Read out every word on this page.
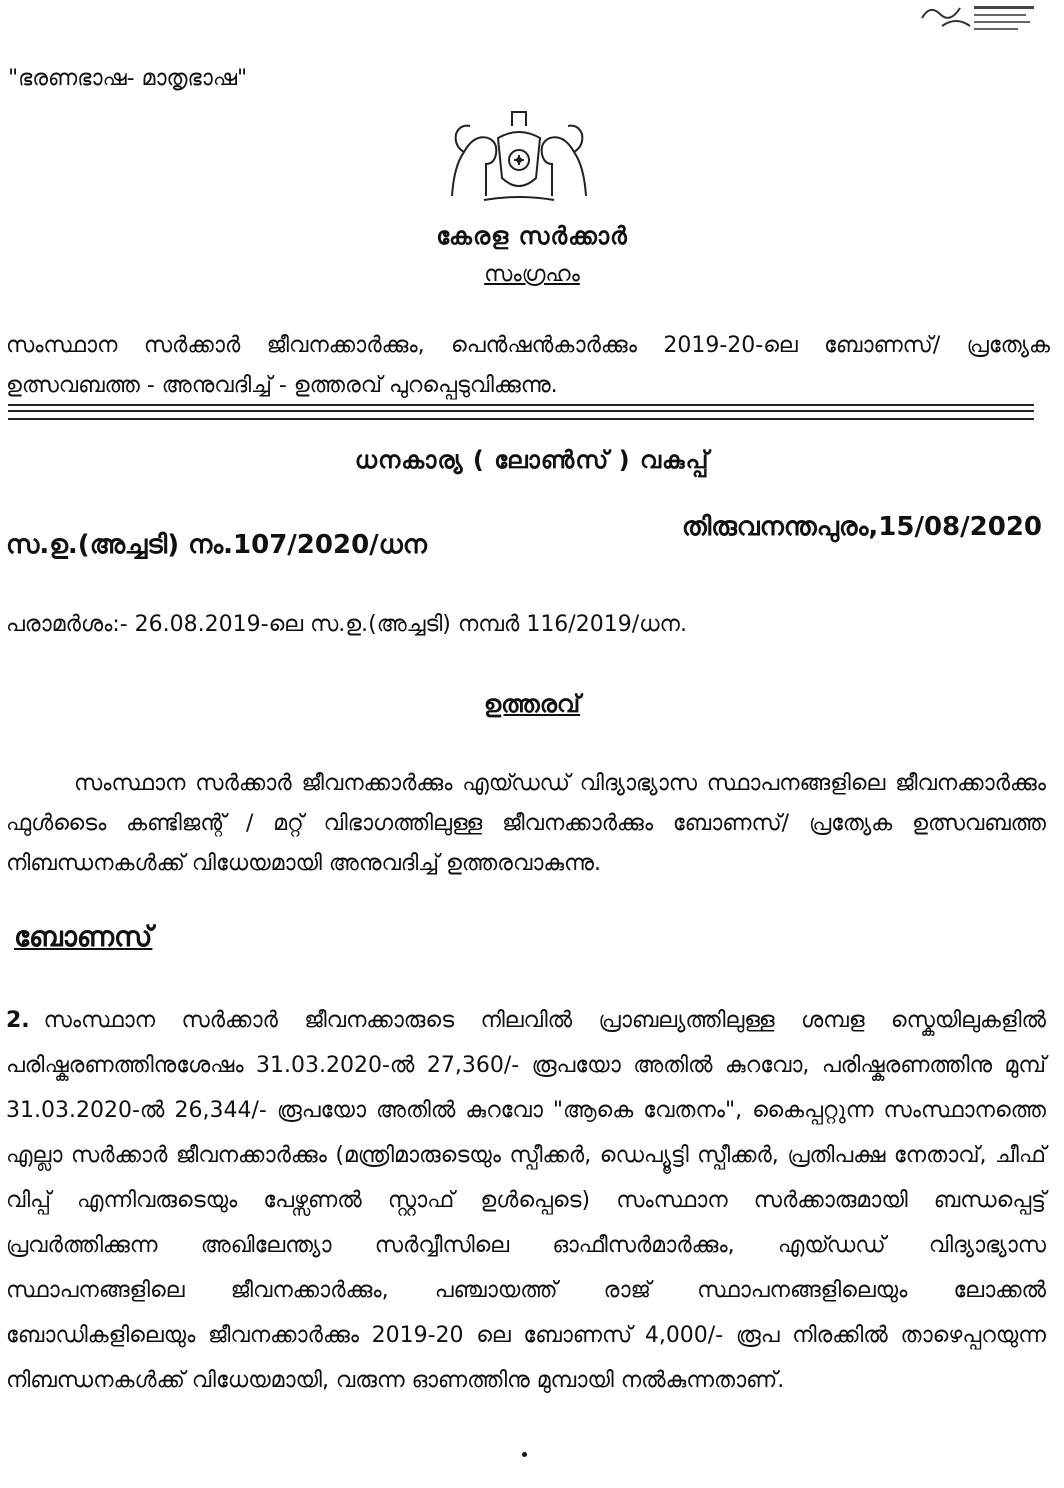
"ഭരണഭാഷ- മാതൃഭാഷ"
കേരള സർക്കാർ
സംഗ്രഹം
സംസ്ഥാന സർക്കാർ ജീവനക്കാർക്കും, പെൻഷൻകാർക്കും 2019-20-ലെ ബോണസ്/ പ്രത്യേക ഉത്സവബത്ത - അനുവദിച്ച് - ഉത്തരവ് പുറപ്പെടുവിക്കുന്നു.
ധനകാര്യ ( ലോൺസ് ) വകുപ്പ്
സ.ഉ.(അച്ചടി) നം.107/2020/ധന
തിരുവനന്തപുരം,15/08/2020
പരാമർശം:- 26.08.2019-ലെ സ.ഉ.(അച്ചടി) നമ്പർ 116/2019/ധന.
ഉത്തരവ്
സംസ്ഥാന സർക്കാർ ജീവനക്കാർക്കും എയ്ഡഡ് വിദ്യാഭ്യാസ സ്ഥാപനങ്ങളിലെ ജീവനക്കാർക്കും ഫുൾടൈം കണ്ടിജന്റ് / മറ്റ് വിഭാഗത്തിലുള്ള ജീവനക്കാർക്കും ബോണസ്/ പ്രത്യേക ഉത്സവബത്ത നിബന്ധനകൾക്ക് വിധേയമായി അനുവദിച്ച് ഉത്തരവാകുന്നു.
ബോണസ്
2. സംസ്ഥാന സർക്കാർ ജീവനക്കാരുടെ നിലവിൽ പ്രാബല്യത്തിലുള്ള ശമ്പള സ്കെയിലുകളിൽ പരിഷ്കരണത്തിനുശേഷം 31.03.2020-ൽ 27,360/- രൂപയോ അതിൽ കുറവോ, പരിഷ്കരണത്തിനു മുമ്പ് 31.03.2020-ൽ 26,344/- രൂപയോ അതിൽ കുറവോ "ആകെ വേതനം", കൈപ്പറ്റുന്ന സംസ്ഥാനത്തെ എല്ലാ സർക്കാർ ജീവനക്കാർക്കും (മന്ത്രിമാരുടെയും സ്പീക്കർ, ഡെപ്യൂട്ടി സ്പീക്കർ, പ്രതിപക്ഷ നേതാവ്, ചീഫ് വിപ്പ് എന്നിവരുടെയും പേഴ്സണൽ സ്റ്റാഫ് ഉൾപ്പെടെ) സംസ്ഥാന സർക്കാരുമായി ബന്ധപ്പെട്ട് പ്രവർത്തിക്കുന്ന അഖിലേന്ത്യാ സർവ്വീസിലെ ഓഫീസർമാർക്കും, എയ്ഡഡ് വിദ്യാഭ്യാസ സ്ഥാപനങ്ങളിലെ ജീവനക്കാർക്കും, പഞ്ചായത്ത് രാജ് സ്ഥാപനങ്ങളിലെയും ലോക്കൽ ബോഡികളിലെയും ജീവനക്കാർക്കും 2019-20 ലെ ബോണസ് 4,000/- രൂപ നിരക്കിൽ താഴെപ്പറയുന്ന നിബന്ധനകൾക്ക് വിധേയമായി, വരുന്ന ഓണത്തിനു മുമ്പായി നൽകുന്നതാണ്.
